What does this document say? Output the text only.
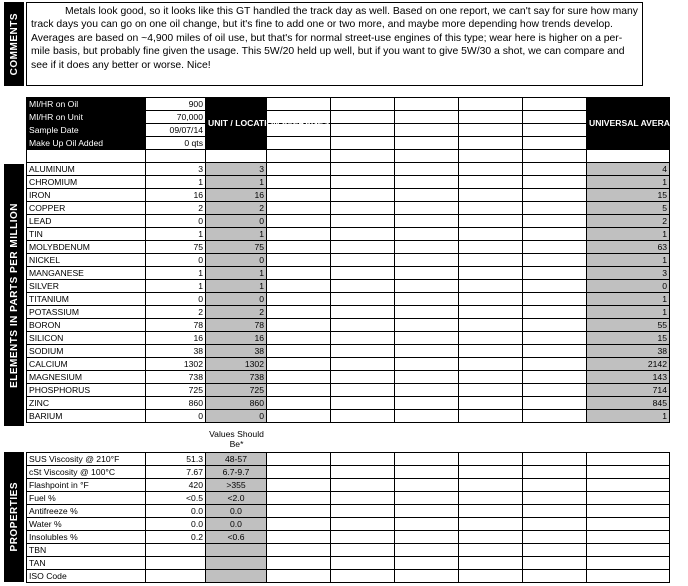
COMMENTS
ELEMENTS IN PARTS PER MILLION
PROPERTIES
Metals look good, so it looks like this GT handled the track day as well. Based on one report, we can't say for sure how many track days you can go on one oil change, but it's fine to add one or two more, and maybe more depending how trends develop. Averages are based on ~4,900 miles of oil use, but that's for normal street-use engines of this type; wear here is higher on a per-mile basis, but probably fine given the usage. This 5W/20 held up well, but if you want to give 5W/30 a shot, we can compare and see if it does any better or worse. Nice!
MI/HR on Oil	900	UNIT / LOCATION AVERAGES						UNIVERSAL AVERAGES
MI/HR on Unit	70,000							
Sample Date	09/07/14							
Make Up Oil Added	0 qts							

ALUMINUM	3	3						4
CHROMIUM	1	1						1
IRON	16	16						15
COPPER	2	2						5
LEAD	0	0						2
TIN	1	1						1
MOLYBDENUM	75	75						63
NICKEL	0	0						1
MANGANESE	1	1						3
SILVER	1	1						0
TITANIUM	0	0						1
POTASSIUM	2	2						1
BORON	78	78						55
SILICON	16	16						15
SODIUM	38	38						38
CALCIUM	1302	1302						2142
MAGNESIUM	738	738						143
PHOSPHORUS	725	725						714
ZINC	860	860						845
BARIUM	0	0						1
Values Should Be*
SUS Viscosity @ 210°F	51.3	48-57						
cSt Viscosity @ 100°C	7.67	6.7-9.7						
Flashpoint in °F	420	>355						
Fuel %	<0.5	<2.0						
Antifreeze %	0.0	0.0						
Water %	0.0	0.0						
Insolubles %	0.2	<0.6						
TBN								
TAN								
ISO Code								
